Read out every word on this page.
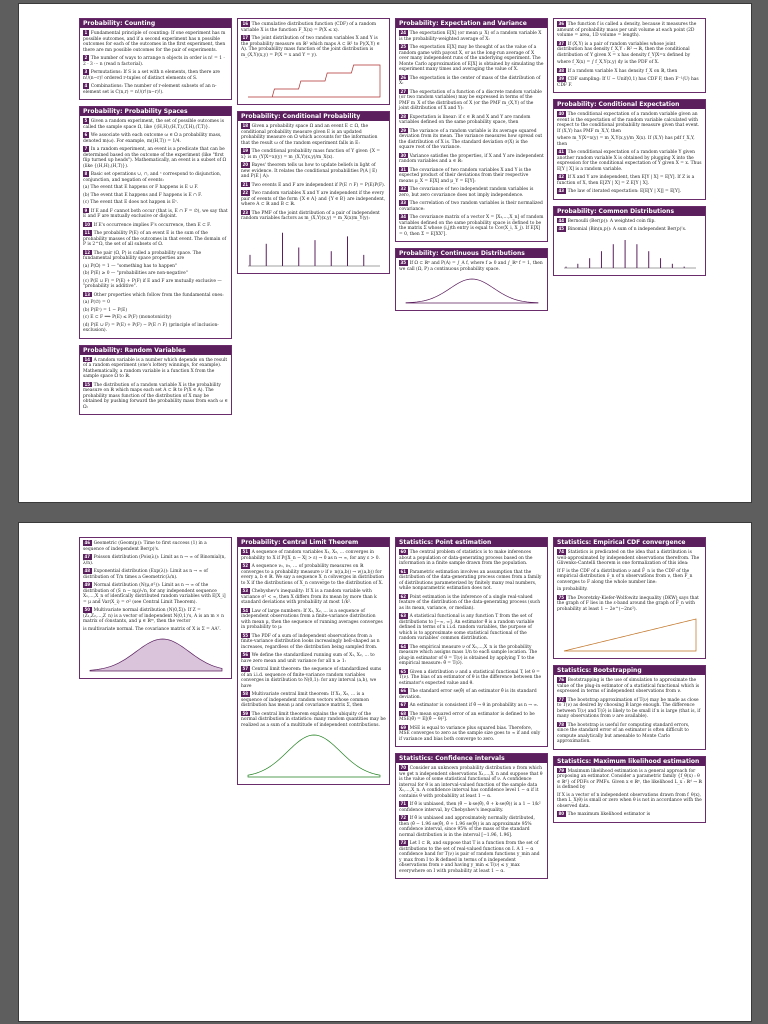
Probability: Counting
1 Fundamental principle of counting: If one experiment has m possible outcomes, and if a second experiment has n possible outcomes for each of the outcomes in the first experiment, then there are mn possible outcomes for the pair of experiments.
2 The number of ways to arrange n objects in order is n! = 1 · 2 · 3 ··· n (read n factorial).
3 Permutations: If S is a set with n elements, then there are n!/(n−r)! ordered r-tuples of distinct elements of S.
4 Combinations: The number of r-element subsets of an n-element set is C(n,r) = n!/(r!(n−r)!).
Probability: Probability Spaces
5 Given a random experiment, the set of possible outcomes is called the sample space Ω, like {(H,H),(H,T),(T,H),(T,T)}.
6 We associate with each outcome ω ∈ Ω a probability mass, denoted m(ω). For example, m((H,T)) = 1/4.
7 In a random experiment, an event is a predicate that can be determined based on the outcome of the experiment (like "first flip turned up heads"). Mathematically, an event is a subset of Ω (like {(H,H),(H,T)}).
8 Basic set operations ∪, ∩, and ᶜ correspond to disjunction, conjunction, and negation of events:
(a) The event that E happens or F happens is E ∪ F.
(b) The event that E happens and F happens is E ∩ F.
(c) The event that E does not happen is Eᶜ.
9 If E and F cannot both occur (that is, E ∩ F = ∅), we say that E and F are mutually exclusive or disjoint.
10 If E's occurrence implies F's occurrence, then E ⊂ F.
11 The probability P(E) of an event E is the sum of the probability masses of the outcomes in that event. The domain of P is 2^Ω, the set of all subsets of Ω.
12 The pair (Ω, P) is called a probability space. The fundamental probability space properties are
(a) P(Ω) = 1 — "something has to happen"
(b) P(E) ≥ 0 — "probabilities are non-negative"
(c) P(E ∪ F) = P(E) + P(F) if E and F are mutually exclusive — "probability is additive".
13 Other properties which follow from the fundamental ones:
(a) P(∅) = 0
(b) P(Eᶜ) = 1 − P(E)
(c) E ⊂ F ⟹ P(E) ≤ P(F) (monotonicity)
(d) P(E ∪ F) = P(E) + P(F) − P(E ∩ F) (principle of inclusion-exclusion).
Probability: Random Variables
14 A random variable is a number which depends on the result of a random experiment (one's lottery winnings, for example). Mathematically, a random variable is a function X from the sample space Ω to ℝ.
15 The distribution of a random variable X is the probability measure on ℝ which maps each set A ⊂ ℝ to P(X ∈ A). The probability mass function of the distribution of X may be obtained by pushing forward the probability mass from each ω ∈ Ω:
16 The cumulative distribution function (CDF) of a random variable X is the function F_X(x) = P(X ≤ x).
17 The joint distribution of two random variables X and Y is the probability measure on ℝ² which maps A ⊂ ℝ² to P((X,Y) ∈ A). The probability mass function of the joint distribution is m_(X,Y)(x,y) = P(X = x and Y = y).
Probability: Conditional Probability
18 Given a probability space Ω and an event E ⊂ Ω, the conditional probability measure given E is an updated probability measure on Ω which accounts for the information that the result ω of the random experiment falls in E:
19 The conditional probability mass function of Y given {X = x} is m_(Y|X=x)(y) = m_(X,Y)(x,y)/m_X(x).
20 Bayes' theorem tells us how to update beliefs in light of new evidence. It relates the conditional probabilities P(A | E) and P(E | A):
21 Two events E and F are independent if P(E ∩ F) = P(E)P(F).
22 Two random variables X and Y are independent if the every pair of events of the form {X ∈ A} and {Y ∈ B} are independent, where A ⊂ ℝ and B ⊂ ℝ.
23 The PMF of the joint distribution of a pair of independent random variables factors as m_(X,Y)(x,y) = m_X(x)m_Y(y):
Probability: Expectation and Variance
24 The expectation E[X] (or mean μ_X) of a random variable X is the probability-weighted average of X:
25 The expectation E[X] may be thought of as the value of a random game with payout X, or as the long-run average of X over many independent runs of the underlying experiment. The Monte Carlo approximation of E[X] is obtained by simulating the experiment many times and averaging the value of X.
26 The expectation is the center of mass of the distribution of X:
27 The expectation of a function of a discrete random variable (or two random variables) may be expressed in terms of the PMF m_X of the distribution of X (or the PMF m_(X,Y) of the joint distribution of X and Y):
28 Expectation is linear: if c ∈ ℝ and X and Y are random variables defined on the same probability space, then
29 The variance of a random variable is its average squared deviation from its mean. The variance measures how spread out the distribution of X is. The standard deviation σ(X) is the square root of the variance.
30 Variance satisfies the properties, if X and Y are independent random variables and a ∈ ℝ:
31 The covariance of two random variables X and Y is the expected product of their deviations from their respective means μ_X = E[X] and μ_Y = E[Y]:
32 The covariance of two independent random variables is zero, but zero covariance does not imply independence.
33 The correlation of two random variables is their normalized covariance:
34 The covariance matrix of a vector X = [X₁,…,X_n] of random variables defined on the same probability space is defined to be the matrix Σ whose (i,j)th entry is equal to Cov(X_i, X_j). If E[X] = 0, then Σ = E[XXᵀ].
Probability: Continuous Distributions
35 If Ω ⊂ ℝⁿ and P(A) = ∫_A f, where f ≥ 0 and ∫_ℝⁿ f = 1, then we call (Ω, P) a continuous probability space.
36 The function f is called a density, because it measures the amount of probability mass per unit volume at each point (2D volume = area, 1D volume = length).
37 If (X,Y) is a pair of random variables whose joint distribution has density f_X,Y : ℝ² → ℝ, then the conditional distribution of Y given X = x has density f_Y|X=x defined by
where f_X(x) = ∫ f_X,Y(x,y) dy is the PDF of X.
38 If a random variable X has density f_X on ℝ, then
39 CDF sampling: If U ∼ Unif(0,1) has CDF F, then F⁻¹(U) has CDF F.
Probability: Conditional Expectation
40 The conditional expectation of a random variable given an event is the expectation of the random variable calculated with respect to the conditional probability measure given that event. If (X,Y) has PMF m_X,Y, then
where m_Y|X=x(y) = m_X,Y(x,y)/m_X(x). If (X,Y) has pdf f_X,Y, then
41 The conditional expectation of a random variable Y given another random variable X is obtained by plugging X into the expression for the conditional expectation of Y given X = x. Thus E[Y | X] is a random variable.
42 If X and Y are independent, then E[Y | X] = E[Y]. If Z is a function of X, then E[ZY | X] = Z E[Y | X].
43 The law of iterated expectation: E[E[Y | X]] = E[Y].
Probability: Common Distributions
44 Bernoulli (Ber(p)): A weighted coin flip.
45 Binomial (Bin(n,p)): A sum of n independent Ber(p)'s.
46 Geometric (Geom(p)): Time to first success (1) in a sequence of independent Ber(p)'s.
47 Poisson distribution (Pois(λ)): Limit as n → ∞ of Binomial(n, λ/n).
48 Exponential distribution (Exp(λ)): Limit as n → ∞ of distribution of T/n times a Geometric(λ/n).
49 Normal distribution (N(μ,σ²)): Limit as n → ∞ of the distribution of (S_n − nμ)/√n, for any independent sequence X₁,…,X_n of identically distributed random variables with E[X_i] = μ and Var(X_i) = σ² (see Central Limit Theorem).
50 Multivariate normal distribution (N(0,Σ)): If Z = (Z₁,Z₂,…,Z_n) is a vector of independent N(0,1)'s, A is an m × n matrix of constants, and μ ∈ ℝᵐ, then the vector
is multivariate normal. The covariance matrix of X is Σ = AAᵀ.
Probability: Central Limit Theorem
51 A sequence of random variables X₁, X₂, … converges in probability to X if P(|X_n − X| > ε) → 0 as n → ∞, for any ε > 0.
52 A sequence ν₁, ν₂, … of probability measures on ℝ converges to a probability measure ν if ν_n((a,b)) → ν((a,b)) for every a, b ∈ ℝ. We say a sequence X_n converges in distribution to X if the distributions of X_n converge to the distribution of X.
53 Chebyshev's inequality: If X is a random variable with variance σ² < ∞, then X differs from its mean by more than k standard deviations with probability at most 1/k².
54 Law of large numbers: If X₁, X₂, … is a sequence of independent observations from a finite-variance distribution with mean μ, then the sequence of running averages converges in probability to μ:
55 The PDF of a sum of independent observations from a finite-variance distribution looks increasingly bell-shaped as n increases, regardless of the distribution being sampled from.
56 We define the standardized running sum of X₁, X₂, … to have zero mean and unit variance for all n ≥ 1:
57 Central limit theorem: the sequence of standardized sums of an i.i.d. sequence of finite-variance random variables converges in distribution to N(0,1): for any interval (a,b), we have
58 Multivariate central limit theorem: If X₁, X₂, … is a sequence of independent random vectors whose common distribution has mean μ and covariance matrix Σ, then
59 The central limit theorem explains the ubiquity of the normal distribution in statistics: many random quantities may be realized as a sum of a multitude of independent contributions.
Statistics: Point estimation
60 The central problem of statistics is to make inferences about a population or data-generating process based on the information in a finite sample drawn from the population.
61 Parametric estimation involves an assumption that the distribution of the data-generating process comes from a family of distributions parameterized by finitely many real numbers, while nonparametric estimation does not.
62 Point estimation is the inference of a single real-valued feature of the distribution of the data-generating process (such as its mean, variance, or median).
63 A statistical functional is any function T from the set of distributions to [−∞, ∞]. An estimator θ̂ is a random variable defined in terms of n i.i.d. random variables, the purpose of which is to approximate some statistical functional of the random variables' common distribution.
64 The empirical measure ν of X₁,…,X_n is the probability measure which assigns mass 1/n to each sample location. The plug-in estimator of θ = T(ν) is obtained by applying T to the empirical measure: θ̂ = T(ν̂).
65 Given a distribution ν and a statistical functional T, let θ = T(ν). The bias of an estimator of θ is the difference between the estimator's expected value and θ.
66 The standard error se(θ̂) of an estimator θ̂ is its standard deviation.
67 An estimator is consistent if θ̂ → θ in probability as n → ∞.
68 The mean squared error of an estimator is defined to be MSE(θ̂) = E[(θ̂ − θ)²].
69 MSE is equal to variance plus squared bias. Therefore, MSE converges to zero as the sample size goes to ∞ if and only if variance and bias both converge to zero.
Statistics: Confidence intervals
70 Consider an unknown probability distribution ν from which we get n independent observations X₁,…,X_n and suppose that θ is the value of some statistical functional of ν. A confidence interval for θ is an interval-valued function of the sample data X₁,…,X_n. A confidence interval has confidence level 1 − α if it contains θ with probability at least 1 − α.
71 If θ̂ is unbiased, then (θ̂ − k·se(θ̂), θ̂ + k·se(θ̂)) is a 1 − 1/k² confidence interval, by Chebyshev's inequality.
72 If θ̂ is unbiased and approximately normally distributed, then (θ̂ − 1.96 se(θ̂), θ̂ + 1.96 se(θ̂)) is an approximate 95% confidence interval, since 95% of the mass of the standard normal distribution is in the interval [−1.96, 1.96].
73 Let I ⊂ ℝ, and suppose that T is a function from the set of distributions to the set of real-valued functions on I. A 1 − α confidence band for T(ν) is pair of random functions y_min and y_max from I to ℝ defined in terms of n independent observations from ν and having y_min ≤ T(ν) ≤ y_max everywhere on I with probability at least 1 − α.
Statistics: Empirical CDF convergence
74 Statistics is predicated on the idea that a distribution is well-approximated by independent observations therefrom. The Glivenko-Cantelli theorem is one formalization of this idea:
If F is the CDF of a distribution ν and F̂_n is the CDF of the empirical distribution ν̂_n of n observations from ν, then F̂_n converges to F along the whole number line:
in probability.
75 The Dvoretzky-Kiefer-Wolfowitz inequality (DKW) says that the graph of F lies in the ε-band around the graph of F̂_n with probability at least 1 − 2e^(−2nε²).
Statistics: Bootstrapping
76 Bootstrapping is the use of simulation to approximate the value of the plug-in estimator of a statistical functional which is expressed in terms of independent observations from ν.
77 The bootstrap approximation of T(ν) may be made as close to T(ν) as desired by choosing B large enough. The difference between T(ν) and T(ν̂) is likely to be small if n is large (that is, if many observations from ν are available).
78 The bootstrap is useful for computing standard errors, since the standard error of an estimator is often difficult to compute analytically but amenable to Monte Carlo approximation.
Statistics: Maximum likelihood estimation
79 Maximum likelihood estimation is a general approach for proposing an estimator. Consider a parametric family {f_θ(x) : θ ∈ ℝᵈ} of PDFs or PMFs. Given x ∈ ℝⁿ, the likelihood L_x : ℝᵈ → ℝ is defined by
If X is a vector of n independent observations drawn from f_θ(x), then L_X(θ) is small or zero when θ is not in accordance with the observed data.
80 The maximum likelihood estimator is
